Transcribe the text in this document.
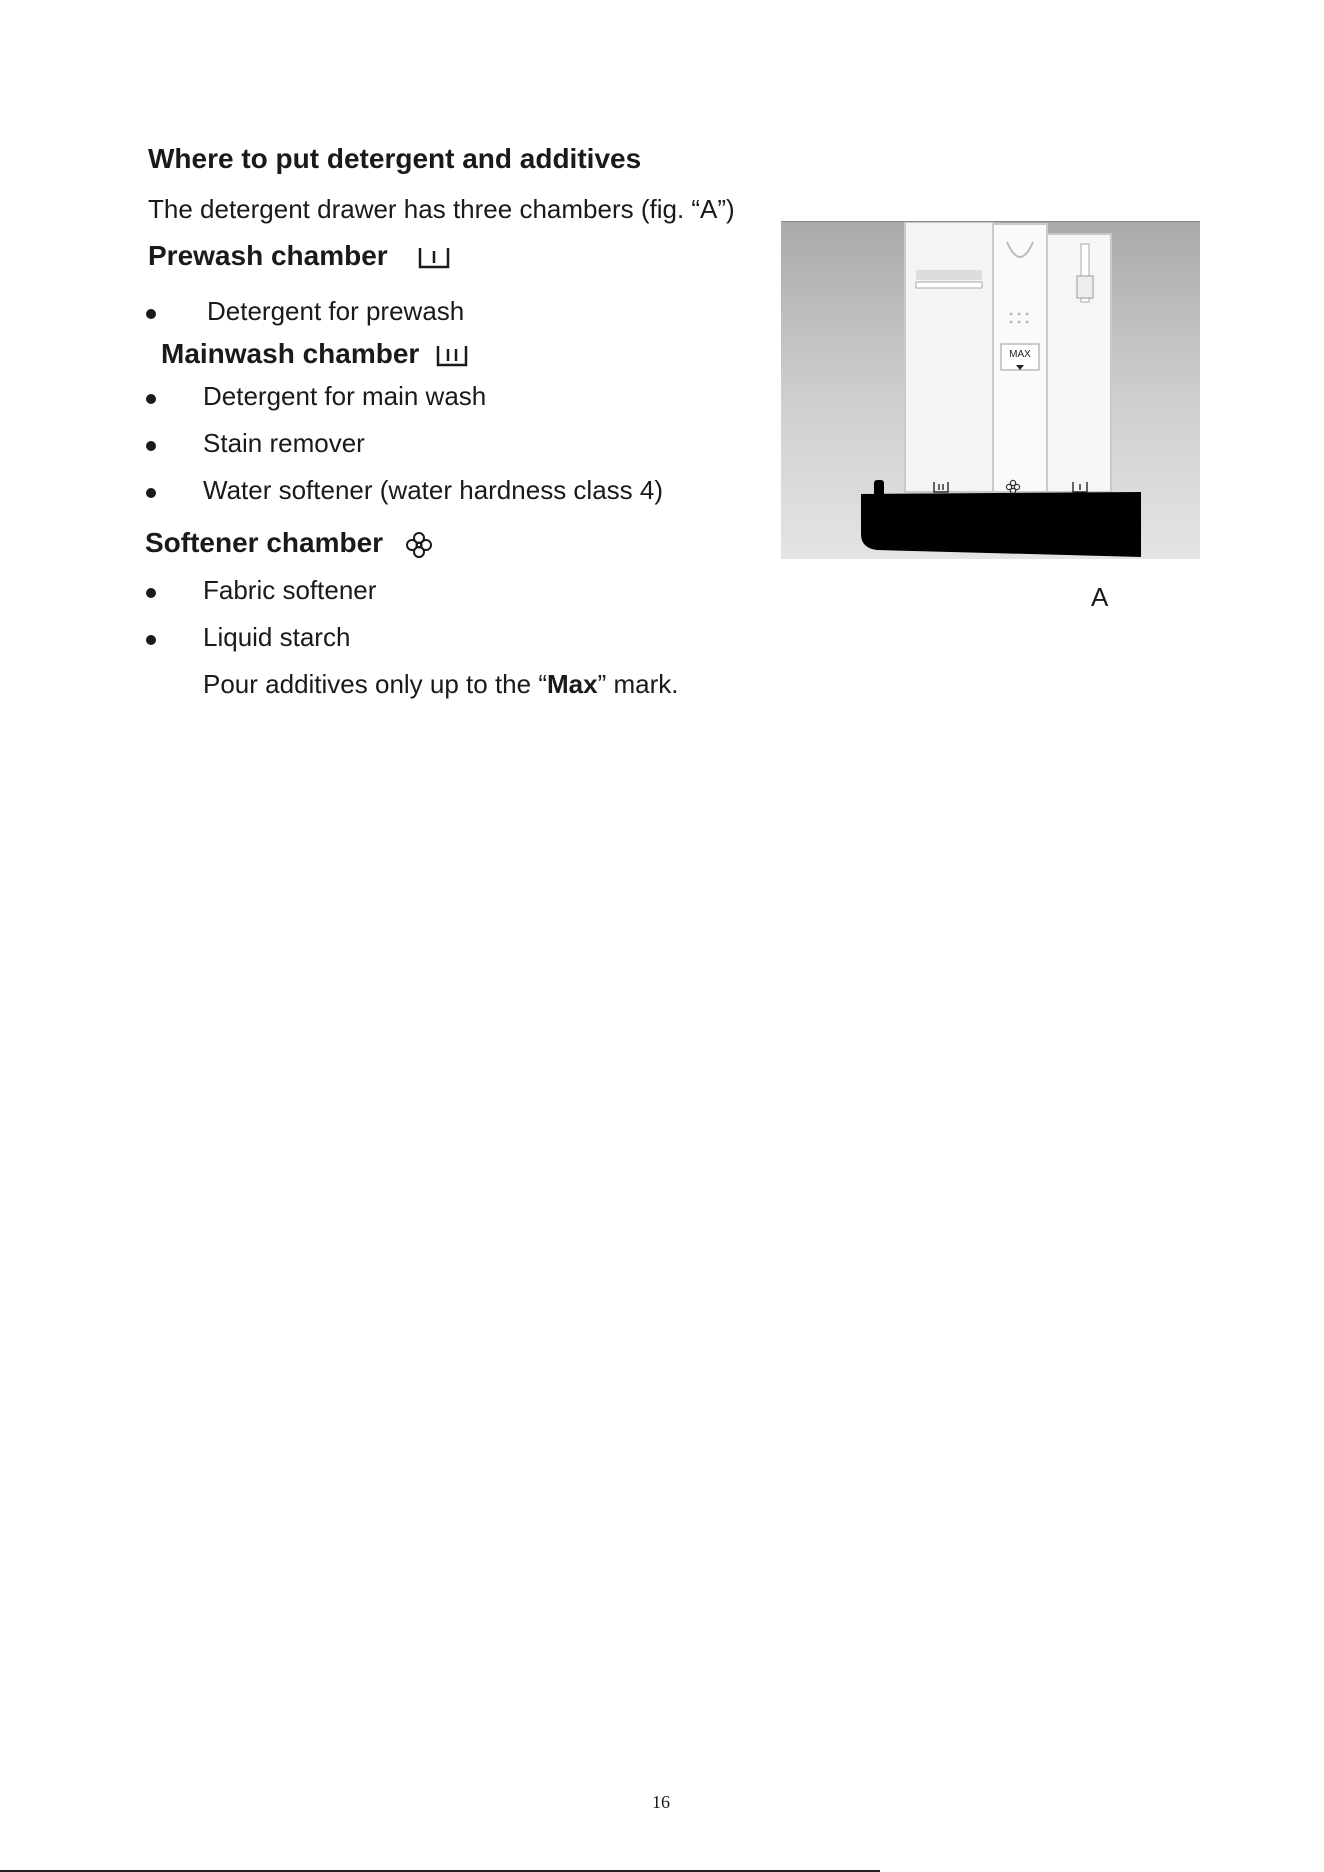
Where to put detergent and additives
The detergent drawer has three chambers (fig. “A”)
Prewash chamber
Detergent for prewash
Mainwash chamber
Detergent for main wash
Stain remover
Water softener (water hardness class 4)
Softener chamber
Fabric softener
Liquid starch
Pour additives only up to the “Max” mark.
MAX
A
16
